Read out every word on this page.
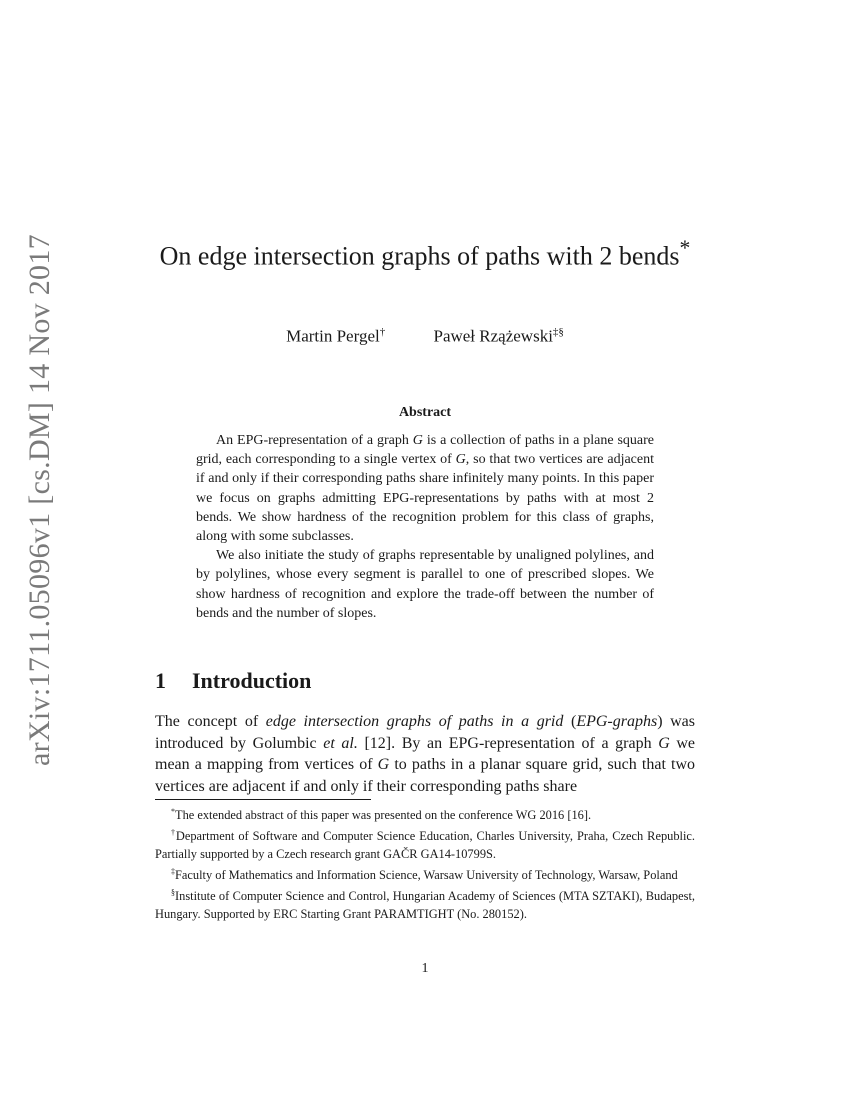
arXiv:1711.05096v1 [cs.DM] 14 Nov 2017	On edge intersection graphs of paths with 2 bends*
Martin Pergel†	Paweł Rzążewski‡§
Abstract

An EPG-representation of a graph G is a collection of paths in a plane square grid, each corresponding to a single vertex of G, so that two vertices are adjacent if and only if their corresponding paths share infinitely many points. In this paper we focus on graphs admitting EPG-representations by paths with at most 2 bends. We show hardness of the recognition problem for this class of graphs, along with some subclasses.

We also initiate the study of graphs representable by unaligned polylines, and by polylines, whose every segment is parallel to one of prescribed slopes. We show hardness of recognition and explore the trade-off between the number of bends and the number of slopes.

1 Introduction

The concept of edge intersection graphs of paths in a grid (EPG-graphs) was introduced by Golumbic et al. [12]. By an EPG-representation of a graph G we mean a mapping from vertices of G to paths in a planar square grid, such that two vertices are adjacent if and only if their corresponding paths share

*The extended abstract of this paper was presented on the conference WG 2016 [16].

†Department of Software and Computer Science Education, Charles University, Praha, Czech Republic. Partially supported by a Czech research grant GAČR GA14-10799S.

‡Faculty of Mathematics and Information Science, Warsaw University of Technology, Warsaw, Poland

§Institute of Computer Science and Control, Hungarian Academy of Sciences (MTA SZTAKI), Budapest, Hungary. Supported by ERC Starting Grant PARAMTIGHT (No. 280152).

1
